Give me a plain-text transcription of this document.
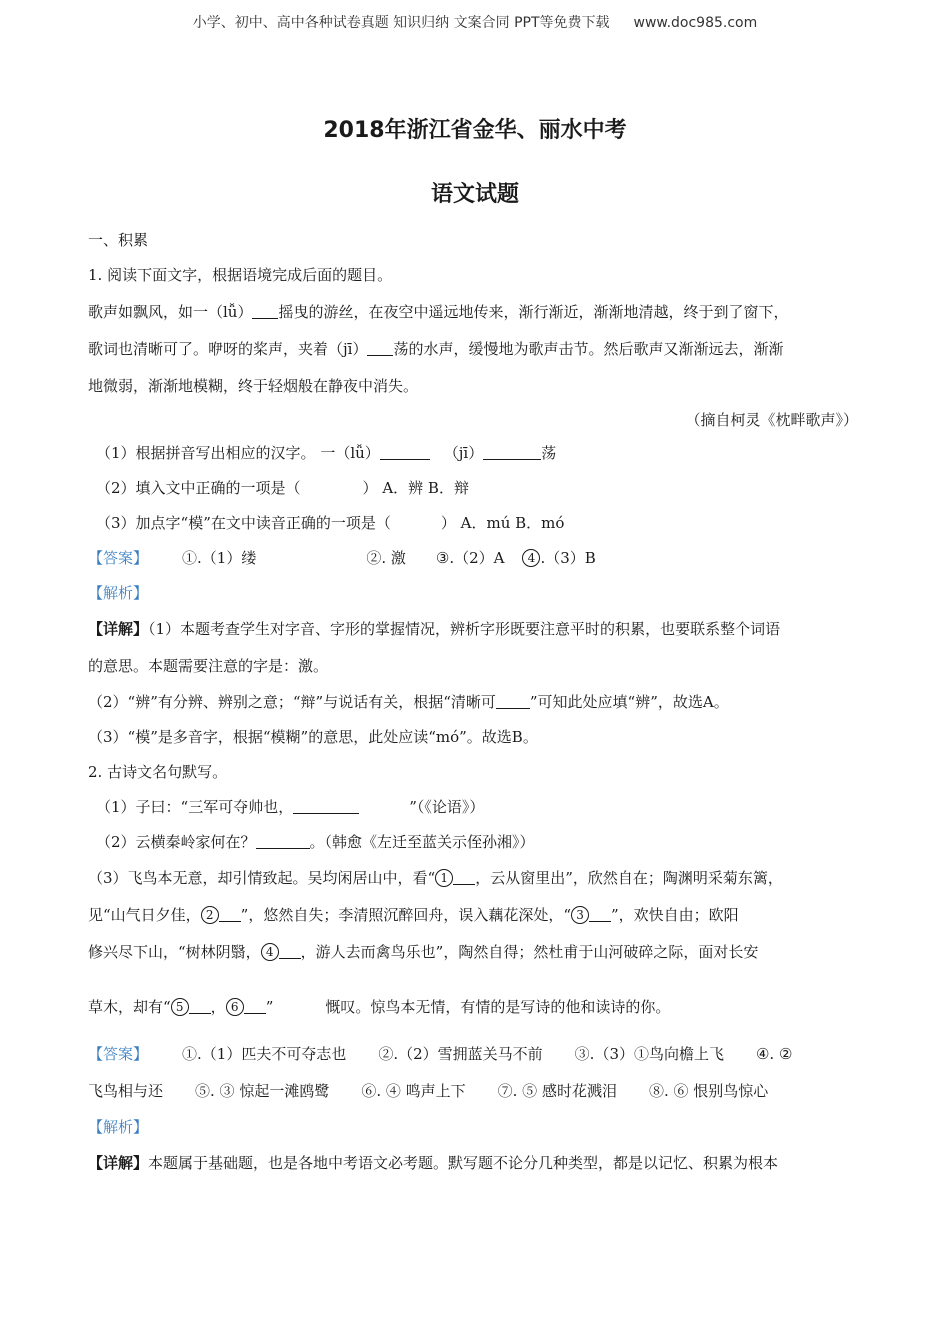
小学、初中、高中各种试卷真题 知识归纳 文案合同 PPT等免费下载 www.doc985.com
2018年浙江省金华、丽水中考
语文试题

一、积累

1. 阅读下面文字，根据语境完成后面的题目。

歌声如飘风，如一（lǚ） 摇曳的游丝，在夜空中遥远地传来，渐行渐近，渐渐地清越，终于到了窗下，

歌词也清晰可了。咿呀的桨声，夹着（jī） 荡的水声，缓慢地为歌声击节。然后歌声又渐渐远去，渐渐

地微弱，渐渐地模糊，终于轻烟般在静夜中消失。

（摘自柯灵《枕畔歌声》）

（1）根据拼音写出相应的汉字。 一（lǚ）	（jī）	荡

（2）填入文中正确的一项是（	） A．辨 B．辩

（3）加点字“模”在文中读音正确的一项是（	） A．mú B．mó

【答案】 ①.（1）缕	②. 激 ③.（2）A 4 .（3）B

【解析】

【详解】（1）本题考查学生对字音、字形的掌握情况，辨析字形既要注意平时的积累，也要联系整个词语

的意思。本题需要注意的字是：激。

（2）“辨”有分辨、辨别之意；“辩”与说话有关，根据“清晰可 ”可知此处应填“辨”，故选A。

（3）“模”是多音字，根据“模糊”的意思，此处应读“mó”。故选B。

2. 古诗文名句默写。

（1）子曰：“三军可夺帅也，	”（《论语》）

（2）云横秦岭家何在？	。（韩愈《左迁至蓝关示侄孙湘》）

（3）飞鸟本无意，却引情致起。吴均闲居山中，看“ 1 ，云从窗里出”，欣然自在；陶渊明采菊东篱，

见“山气日夕佳， 2 ”，悠然自失；李清照沉醉回舟，误入藕花深处，“ 3 ”，欢快自由；欧阳

修兴尽下山，“树林阴翳， 4 ，游人去而禽鸟乐也”，陶然自得；然杜甫于山河破碎之际，面对长安

草木，却有“ 5 ， 6 ”	慨叹。惊鸟本无情，有情的是写诗的他和读诗的你。

【答案】 ①.（1）匹夫不可夺志也 ②.（2）雪拥蓝关马不前 ③.（3）①鸟向檐上飞 ④. ②

飞鸟相与还 ⑤. ③ 惊起一滩鸥鹭 ⑥. ④ 鸣声上下 ⑦. ⑤ 感时花溅泪 ⑧. ⑥ 恨别鸟惊心

【解析】

【详解】本题属于基础题，也是各地中考语文必考题。默写题不论分几种类型，都是以记忆、积累为根本
